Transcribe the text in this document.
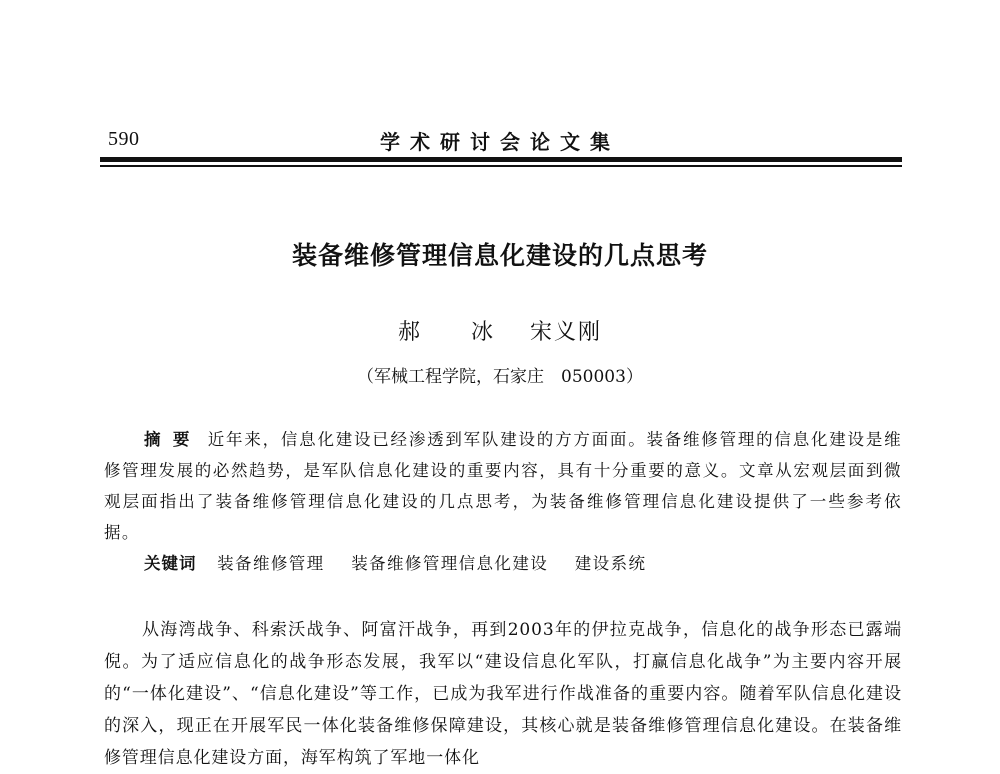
590	学术研讨会论文集
装备维修管理信息化建设的几点思考
郝 冰 宋义刚
（军械工程学院，石家庄　050003）
摘要 近年来，信息化建设已经渗透到军队建设的方方面面。装备维修管理的信息化建设是维修管理发展的必然趋势，是军队信息化建设的重要内容，具有十分重要的意义。文章从宏观层面到微观层面指出了装备维修管理信息化建设的几点思考，为装备维修管理信息化建设提供了一些参考依据。
关键词 装备维修管理 装备维修管理信息化建设 建设系统
从海湾战争、科索沃战争、阿富汗战争，再到2003年的伊拉克战争，信息化的战争形态已露端倪。为了适应信息化的战争形态发展，我军以“建设信息化军队，打赢信息化战争”为主要内容开展的“一体化建设”、“信息化建设”等工作，已成为我军进行作战准备的重要内容。随着军队信息化建设的深入，现正在开展军民一体化装备维修保障建设，其核心就是装备维修管理信息化建设。在装备维修管理信息化建设方面，海军构筑了军地一体化
